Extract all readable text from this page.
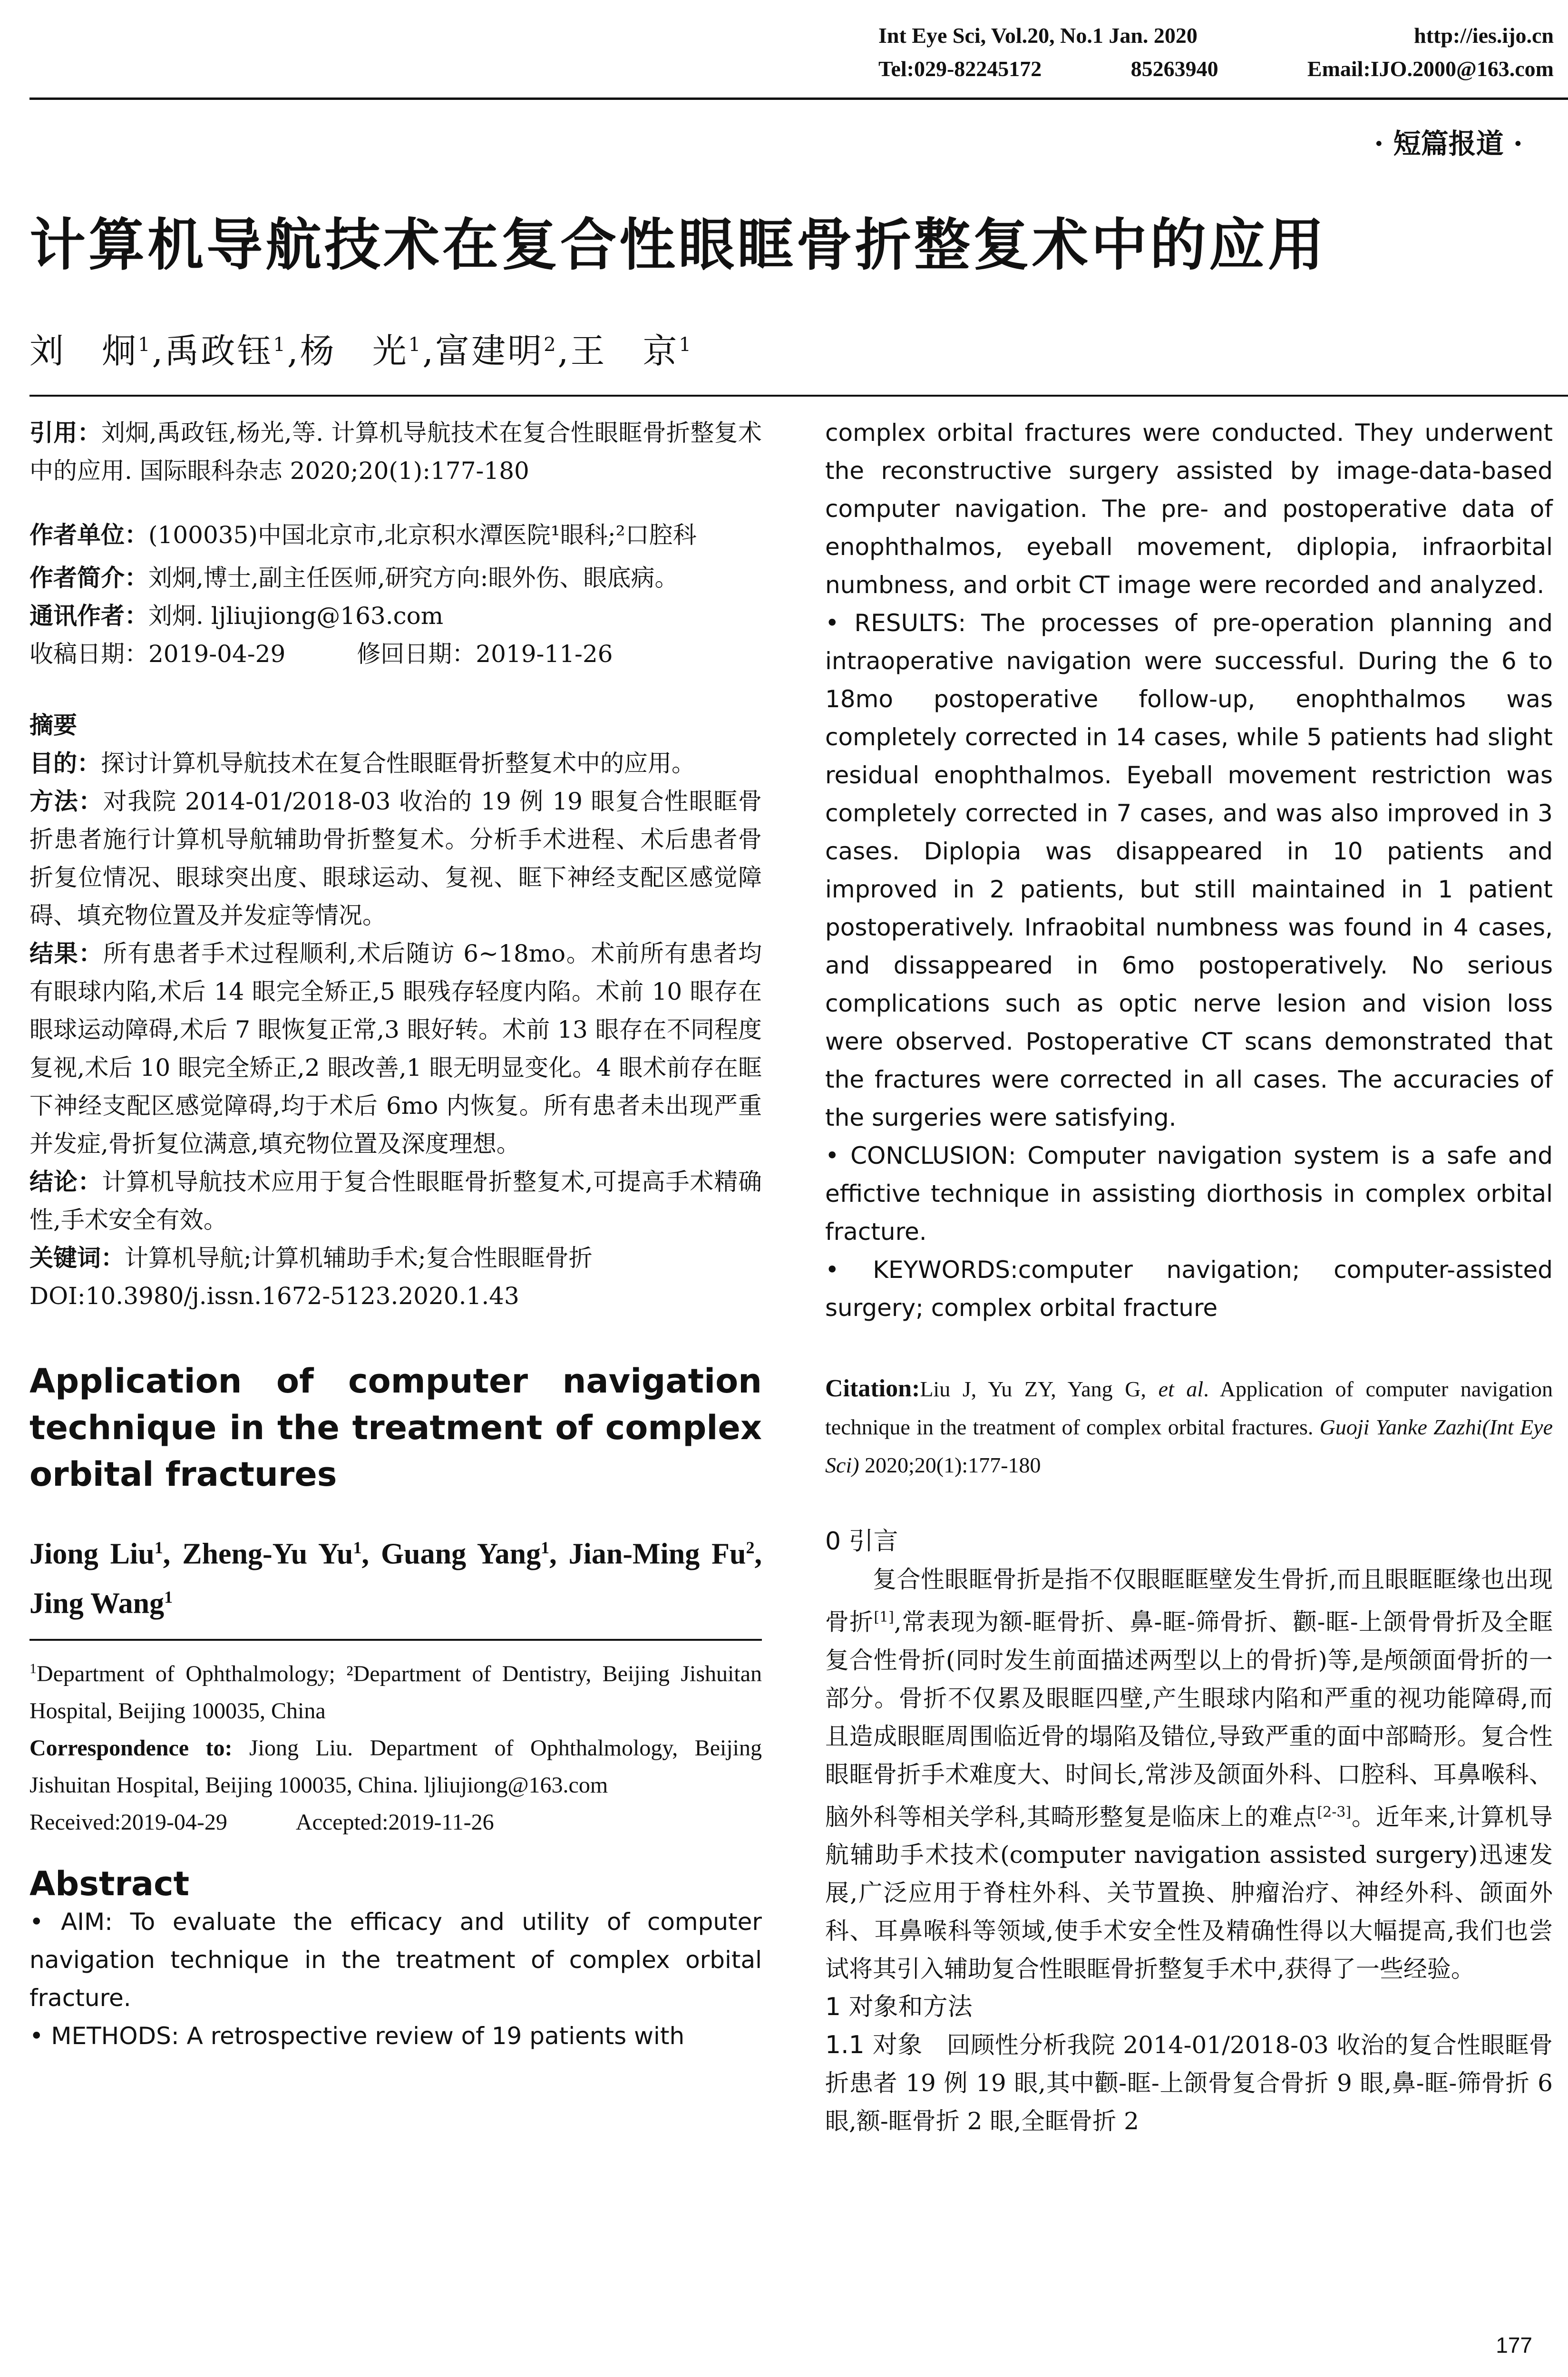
Int Eye Sci, Vol.20, No.1 Jan. 2020	http://ies.ijo.cn
Tel:029-82245172	85263940	Email:IJO.2000@163.com
· 短篇报道 ·
计算机导航技术在复合性眼眶骨折整复术中的应用
刘　炯$^1$,禹政钰$^1$,杨　光$^1$,富建明$^2$,王　京$^1$

引用：刘炯,禹政钰,杨光,等. 计算机导航技术在复合性眼眶骨折整复术中的应用. 国际眼科杂志 2020;20(1):177-180

作者单位：(100035)中国北京市,北京积水潭医院¹眼科;²口腔科

作者简介：刘炯,博士,副主任医师,研究方向:眼外伤、眼底病。

通讯作者：刘炯. ljliujiong@163.com

收稿日期：2019-04-29　　　	修回日期：2019-11-26

摘要

目的：探讨计算机导航技术在复合性眼眶骨折整复术中的应用。

方法：对我院 2014-01/2018-03 收治的 19 例 19 眼复合性眼眶骨折患者施行计算机导航辅助骨折整复术。分析手术进程、术后患者骨折复位情况、眼球突出度、眼球运动、复视、眶下神经支配区感觉障碍、填充物位置及并发症等情况。

结果：所有患者手术过程顺利,术后随访 6~18mo。术前所有患者均有眼球内陷,术后 14 眼完全矫正,5 眼残存轻度内陷。术前 10 眼存在眼球运动障碍,术后 7 眼恢复正常,3 眼好转。术前 13 眼存在不同程度复视,术后 10 眼完全矫正,2 眼改善,1 眼无明显变化。4 眼术前存在眶下神经支配区感觉障碍,均于术后 6mo 内恢复。所有患者未出现严重并发症,骨折复位满意,填充物位置及深度理想。

结论：计算机导航技术应用于复合性眼眶骨折整复术,可提高手术精确性,手术安全有效。

关键词：计算机导航;计算机辅助手术;复合性眼眶骨折

DOI:10.3980/j.issn.1672-5123.2020.1.43

Application of computer navigation technique in the treatment of complex orbital fractures
Jiong Liu$^1$, Zheng-Yu Yu$^1$, Guang Yang$^1$, Jian-Ming Fu$^2$, Jing Wang$^1$
$^1$Department of Ophthalmology; ²Department of Dentistry, Beijing Jishuitan Hospital, Beijing 100035, China
Correspondence to: Jiong Liu. Department of Ophthalmology, Beijing Jishuitan Hospital, Beijing 100035, China. ljliujiong@163.com
Received:2019-04-29　　　	Accepted:2019-11-26
Abstract
• AIM: To evaluate the efficacy and utility of computer navigation technique in the treatment of complex orbital fracture.
• METHODS: A retrospective review of 19 patients with
complex orbital fractures were conducted. They underwent the reconstructive surgery assisted by image-data-based computer navigation. The pre- and postoperative data of enophthalmos, eyeball movement, diplopia, infraorbital numbness, and orbit CT image were recorded and analyzed.
• RESULTS: The processes of pre-operation planning and intraoperative navigation were successful. During the 6 to 18mo postoperative follow-up, enophthalmos was completely corrected in 14 cases, while 5 patients had slight residual enophthalmos. Eyeball movement restriction was completely corrected in 7 cases, and was also improved in 3 cases. Diplopia was disappeared in 10 patients and improved in 2 patients, but still maintained in 1 patient postoperatively. Infraobital numbness was found in 4 cases, and dissappeared in 6mo postoperatively. No serious complications such as optic nerve lesion and vision loss were observed. Postoperative CT scans demonstrated that the fractures were corrected in all cases. The accuracies of the surgeries were satisfying.
• CONCLUSION: Computer navigation system is a safe and effictive technique in assisting diorthosis in complex orbital fracture.
• KEYWORDS:computer navigation; computer-assisted surgery; complex orbital fracture
Citation:Liu J, Yu ZY, Yang G, et al. Application of computer navigation technique in the treatment of complex orbital fractures. Guoji Yanke Zazhi(Int Eye Sci) 2020;20(1):177-180
0 引言

复合性眼眶骨折是指不仅眼眶眶壁发生骨折,而且眼眶眶缘也出现骨折[1],常表现为额-眶骨折、鼻-眶-筛骨折、颧-眶-上颌骨骨折及全眶复合性骨折(同时发生前面描述两型以上的骨折)等,是颅颌面骨折的一部分。骨折不仅累及眼眶四壁,产生眼球内陷和严重的视功能障碍,而且造成眼眶周围临近骨的塌陷及错位,导致严重的面中部畸形。复合性眼眶骨折手术难度大、时间长,常涉及颌面外科、口腔科、耳鼻喉科、脑外科等相关学科,其畸形整复是临床上的难点[2-3]。近年来,计算机导航辅助手术技术(computer navigation assisted surgery)迅速发展,广泛应用于脊柱外科、关节置换、肿瘤治疗、神经外科、颌面外科、耳鼻喉科等领域,使手术安全性及精确性得以大幅提高,我们也尝试将其引入辅助复合性眼眶骨折整复手术中,获得了一些经验。

1 对象和方法

1.1 对象　 回顾性分析我院 2014-01/2018-03 收治的复合性眼眶骨折患者 19 例 19 眼,其中颧-眶-上颌骨复合骨折 9 眼,鼻-眶-筛骨折 6 眼,额-眶骨折 2 眼,全眶骨折 2

177
